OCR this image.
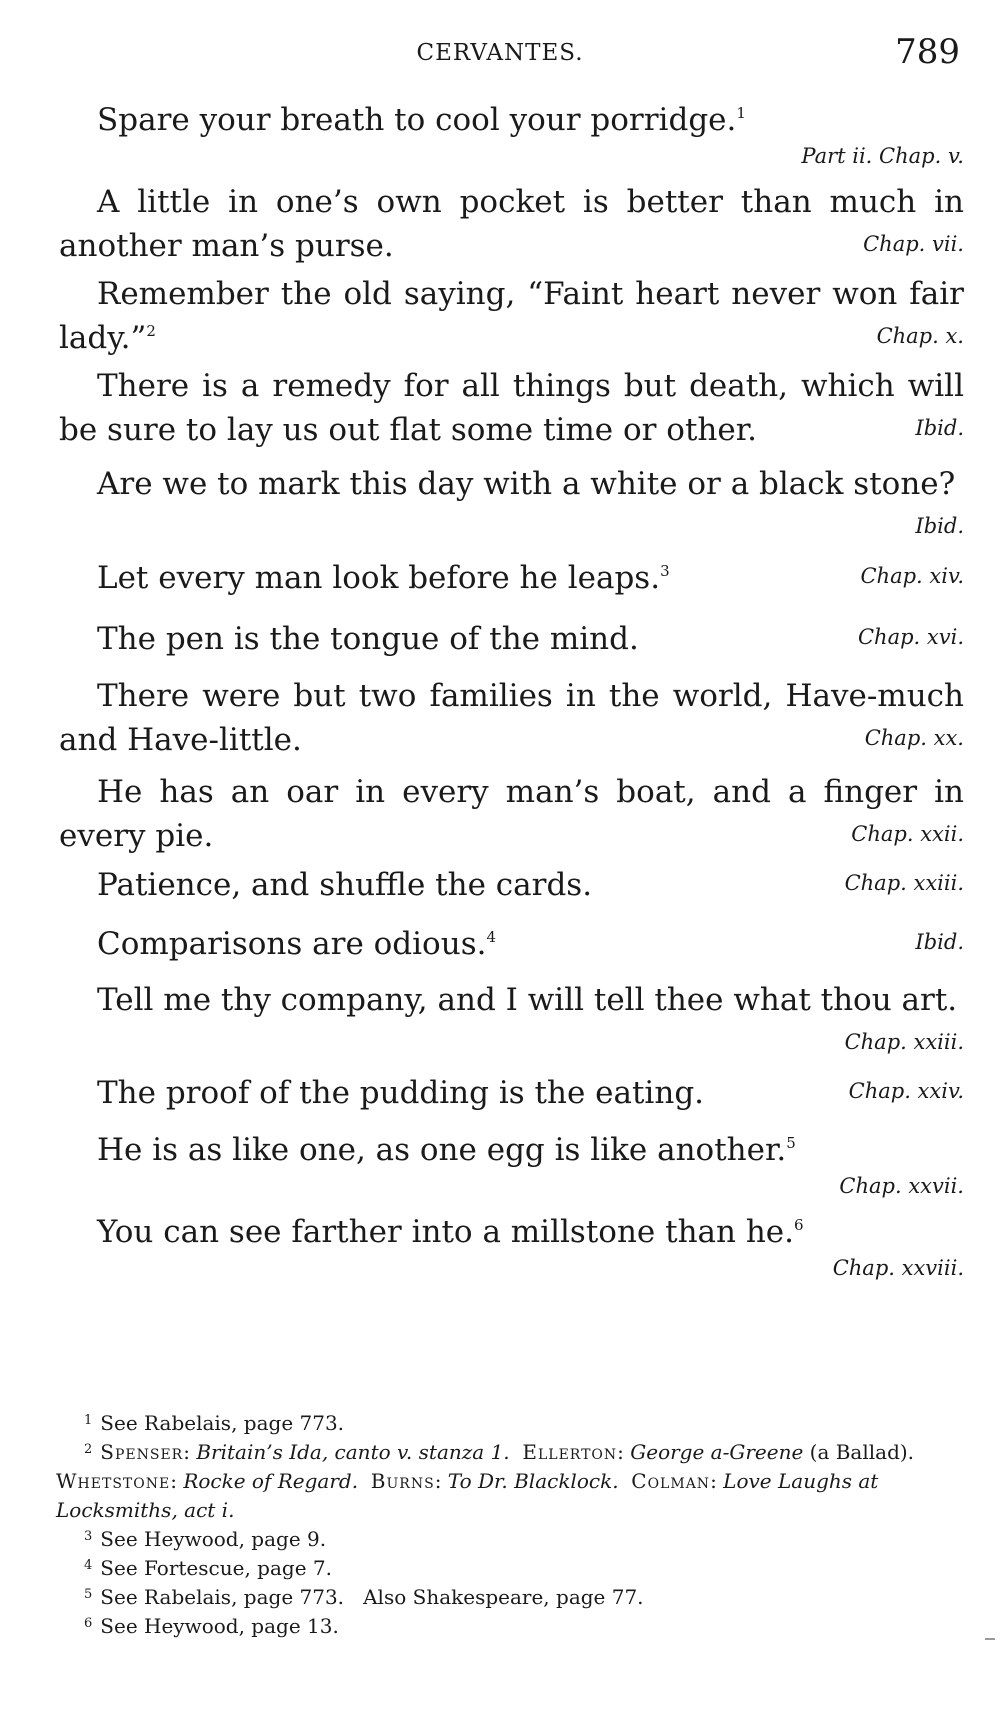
CERVANTES.	789
Spare your breath to cool your porridge.$^1$
Part ii. Chap. v.
A little in one’s own pocket is better than much in another man’s purse.	Chap. vii.
Remember the old saying, “Faint heart never won fair lady.”$^2$	Chap. x.
There is a remedy for all things but death, which will be sure to lay us out flat some time or other.	Ibid.
Are we to mark this day with a white or a black stone?
Ibid.
Let every man look before he leaps.$^3$	Chap. xiv.
The pen is the tongue of the mind.	Chap. xvi.
There were but two families in the world, Have-much and Have-little.	Chap. xx.
He has an oar in every man’s boat, and a finger in every pie.	Chap. xxii.
Patience, and shuffle the cards.	Chap. xxiii.
Comparisons are odious.$^4$	Ibid.
Tell me thy company, and I will tell thee what thou art.
Chap. xxiii.
The proof of the pudding is the eating.	Chap. xxiv.
He is as like one, as one egg is like another.$^5$
Chap. xxvii.
You can see farther into a millstone than he.$^6$
Chap. xxviii.
$^1$ See Rabelais, page 773.
$^2$ Spenser: Britain’s Ida, canto v. stanza 1. Ellerton: George a-Greene (a Ballad).  Whetstone: Rocke of Regard. Burns: To Dr. Blacklock. Colman: Love Laughs at Locksmiths, act i.
$^3$ See Heywood, page 9.
$^4$ See Fortescue, page 7.
$^5$ See Rabelais, page 773.   Also Shakespeare, page 77.
$^6$ See Heywood, page 13.
